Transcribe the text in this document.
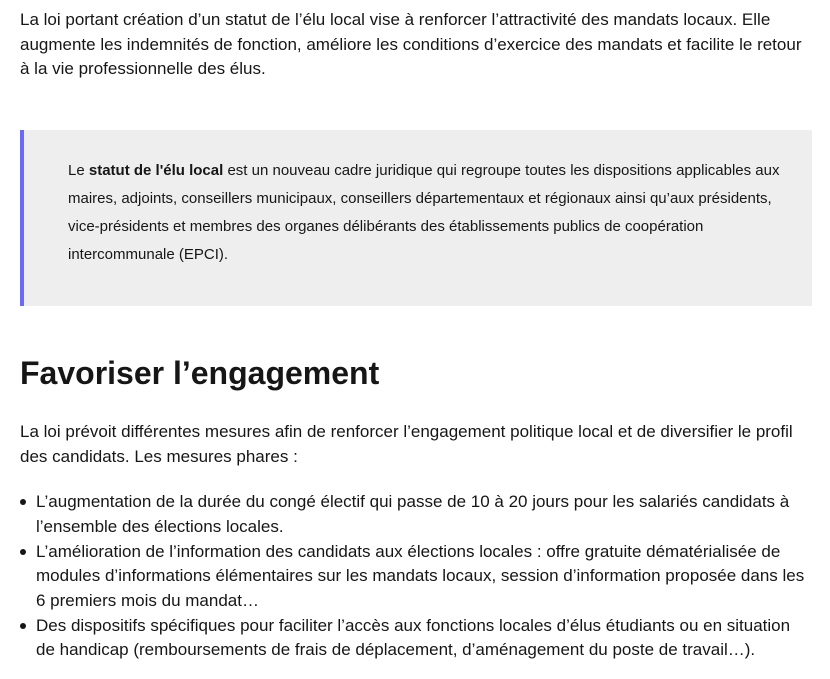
La loi portant création d’un statut de l’élu local vise à renforcer l’attractivité des mandats locaux. Elle augmente les indemnités de fonction, améliore les conditions d’exercice des mandats et facilite le retour à la vie professionnelle des élus.

Le statut de l'élu local est un nouveau cadre juridique qui regroupe toutes les dispositions applicables aux maires, adjoints, conseillers municipaux, conseillers départementaux et régionaux ainsi qu’aux présidents, vice-présidents et membres des organes délibérants des établissements publics de coopération intercommunale (EPCI).

Favoriser l’engagement

La loi prévoit différentes mesures afin de renforcer l’engagement politique local et de diversifier le profil des candidats. Les mesures phares :

L’augmentation de la durée du congé électif qui passe de 10 à 20 jours pour les salariés candidats à l’ensemble des élections locales.
L’amélioration de l’information des candidats aux élections locales : offre gratuite dématérialisée de modules d’informations élémentaires sur les mandats locaux, session d’information proposée dans les 6 premiers mois du mandat…
Des dispositifs spécifiques pour faciliter l’accès aux fonctions locales d’élus étudiants ou en situation de handicap (remboursements de frais de déplacement, d’aménagement du poste de travail…).
